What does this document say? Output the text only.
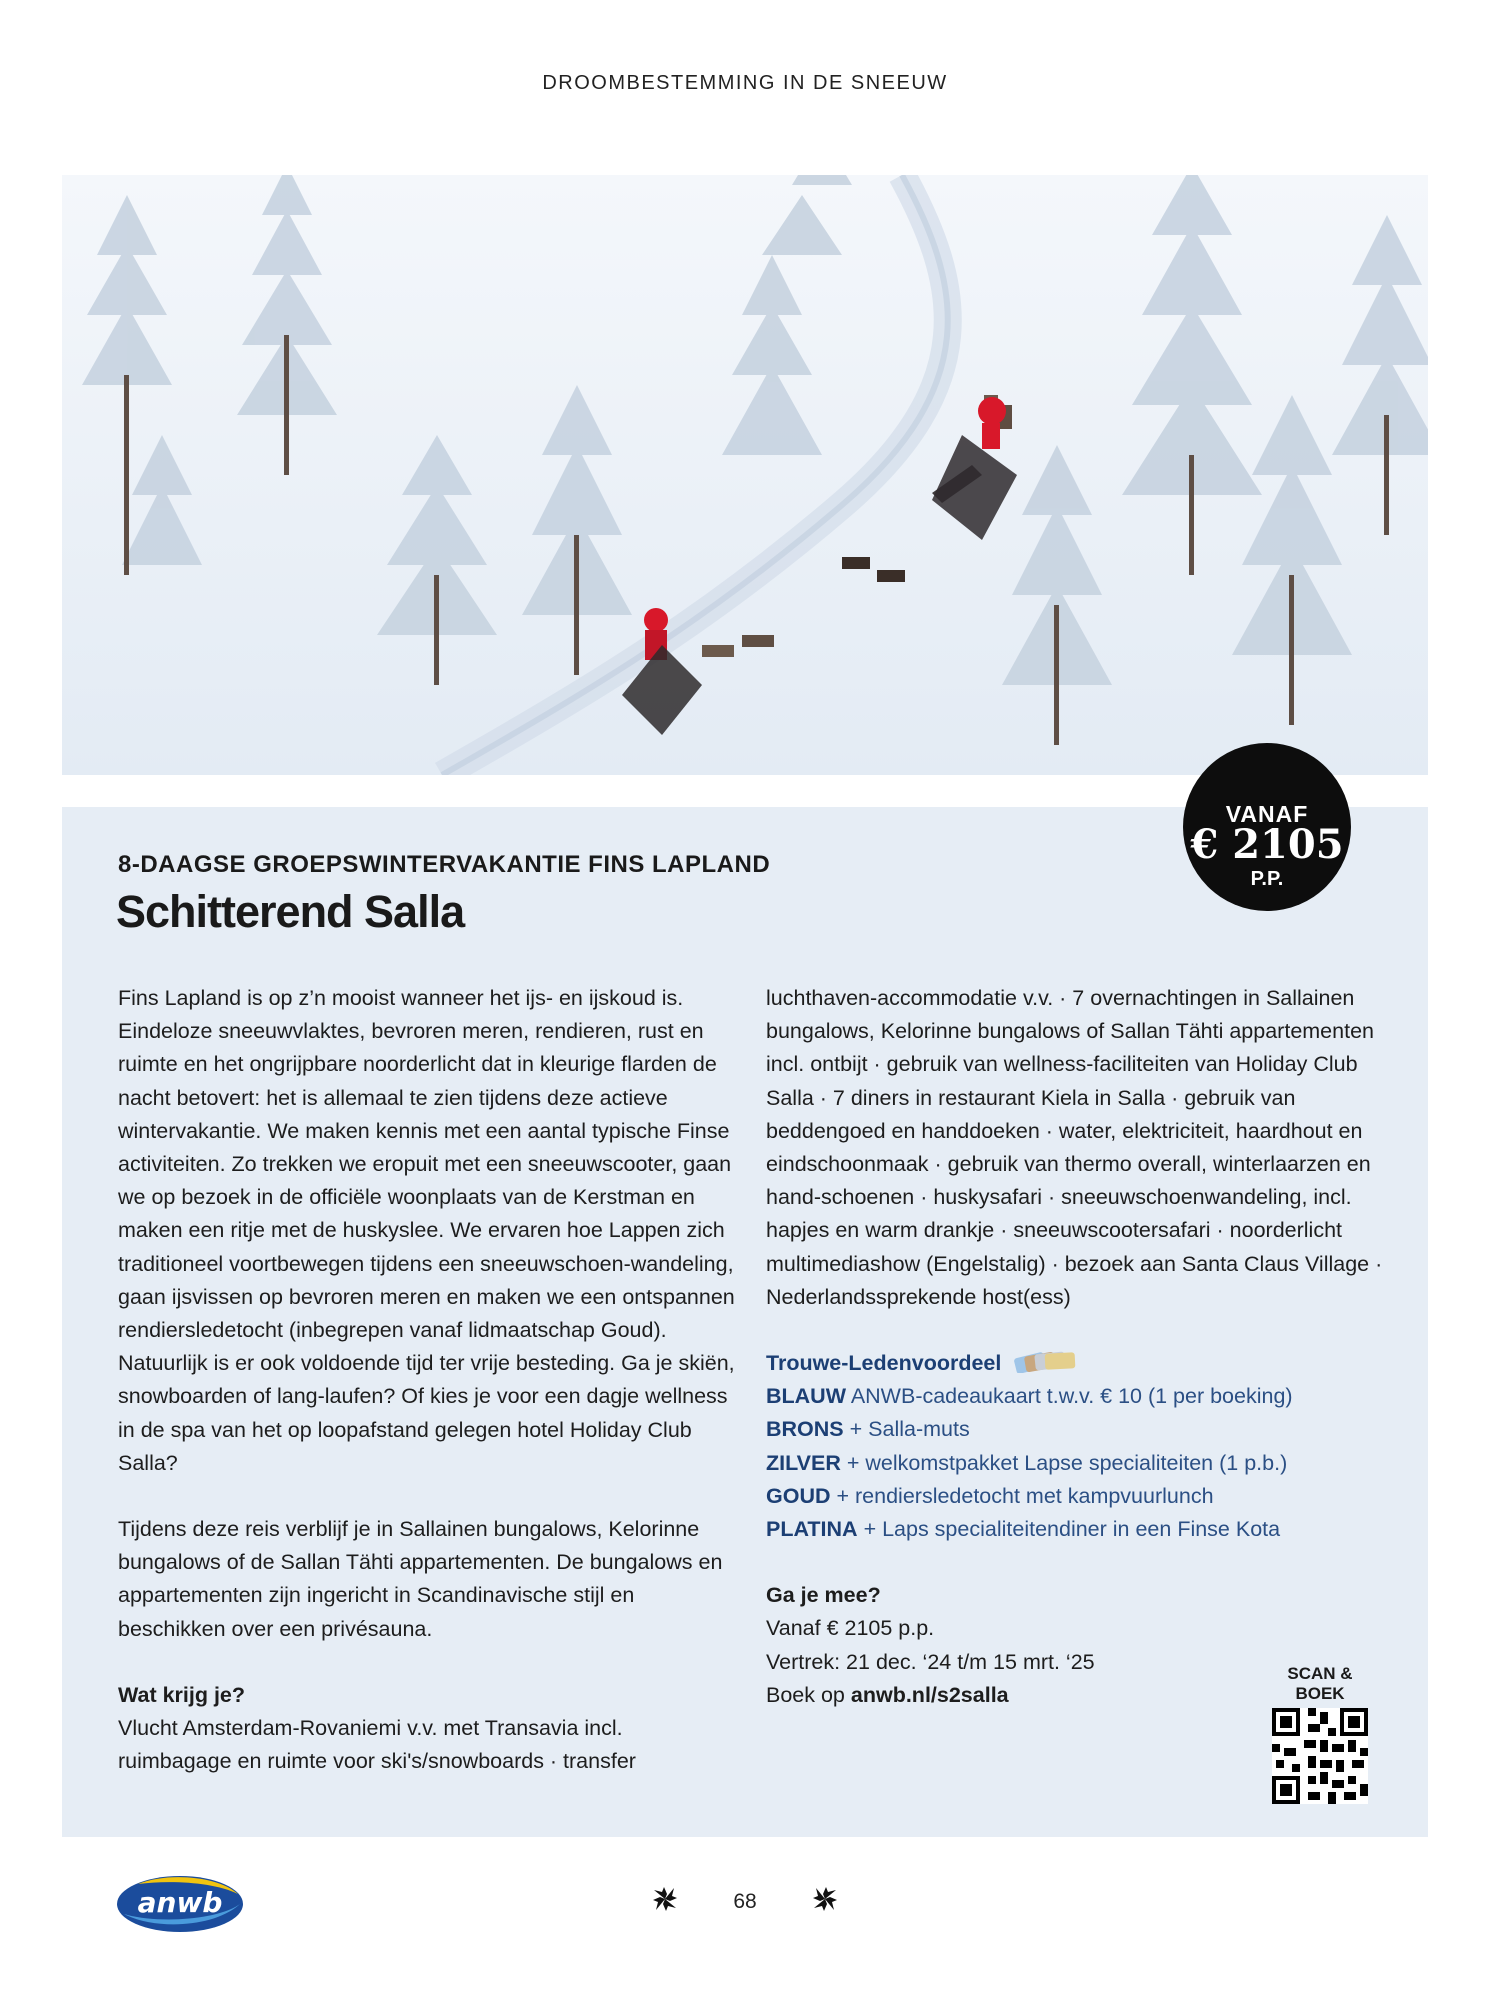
DROOMBESTEMMING IN DE SNEEUW
VANAF
€ 2105
P.P.
8-DAAGSE GROEPSWINTERVAKANTIE FINS LAPLAND
Schitterend Salla

Fins Lapland is op z’n mooist wanneer het ijs- en ijskoud is. Eindeloze sneeuwvlaktes, bevroren meren, rendieren, rust en ruimte en het ongrijpbare noorderlicht dat in kleurige flarden de nacht betovert: het is allemaal te zien tijdens deze actieve wintervakantie. We maken kennis met een aantal typische Finse activiteiten. Zo trekken we eropuit met een sneeuwscooter, gaan we op bezoek in de officiële woonplaats van de Kerstman en maken een ritje met de huskyslee. We ervaren hoe Lappen zich traditioneel voortbewegen tijdens een sneeuwschoen-wandeling, gaan ijsvissen op bevroren meren en maken we een ontspannen rendiersledetocht (inbegrepen vanaf lidmaatschap Goud). Natuurlijk is er ook voldoende tijd ter vrije besteding. Ga je skiën, snowboarden of lang-laufen? Of kies je voor een dagje wellness in de spa van het op loopafstand gelegen hotel Holiday Club Salla?

Tijdens deze reis verblijf je in Sallainen bungalows, Kelorinne bungalows of de Sallan Tähti appartementen. De bungalows en appartementen zijn ingericht in Scandinavische stijl en beschikken over een privésauna.

Wat krijg je?

Vlucht Amsterdam-Rovaniemi v.v. met Transavia incl. ruimbagage en ruimte voor ski's/snowboards · transfer

luchthaven-accommodatie v.v. · 7 overnachtingen in Sallainen bungalows, Kelorinne bungalows of Sallan Tähti appartementen incl. ontbijt · gebruik van wellness-faciliteiten van Holiday Club Salla · 7 diners in restaurant Kiela in Salla · gebruik van beddengoed en handdoeken · water, elektriciteit, haardhout en eindschoonmaak · gebruik van thermo overall, winterlaarzen en hand-schoenen · huskysafari · sneeuwschoenwandeling, incl. hapjes en warm drankje · sneeuwscootersafari · noorderlicht multimediashow (Engelstalig) · bezoek aan Santa Claus Village · Nederlandssprekende host(ess)

Trouwe-Ledenvoordeel

BLAUW ANWB-cadeaukaart t.w.v. € 10 (1 per boeking)

BRONS + Salla-muts

ZILVER + welkomstpakket Lapse specialiteiten (1 p.b.)

GOUD + rendiersledetocht met kampvuurlunch

PLATINA + Laps specialiteitendiner in een Finse Kota

Ga je mee?

Vanaf € 2105 p.p.

Vertrek: 21 dec. ‘24 t/m 15 mrt. ‘25

Boek op anwb.nl/s2salla

SCAN &
BOEK
anwb	68
